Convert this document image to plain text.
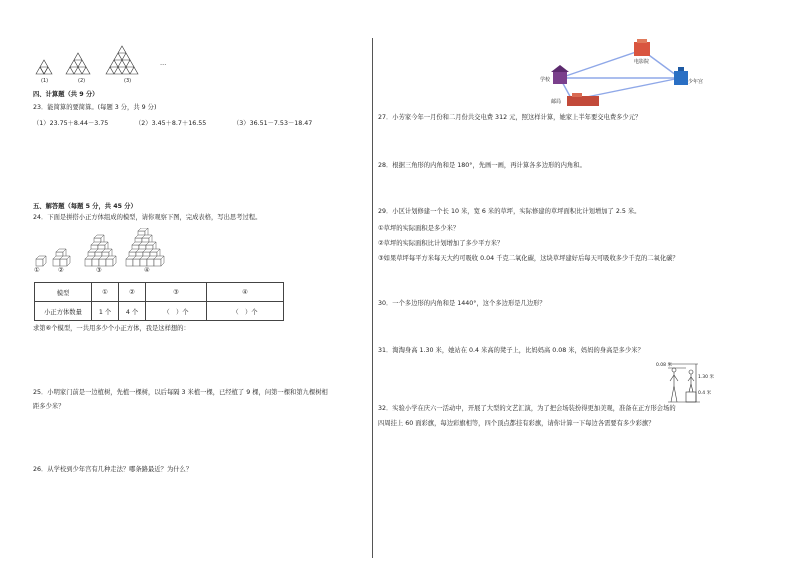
(1)	(2)	(3)
…
四、计算题（共 9 分）
23．能简算的要简算。(每题 3 分，共 9 分)
（1）23.75＋8.44－3.75	（2）3.45＋8.7＋16.55	（3）36.51－7.53－18.47
五、解答题（每题 5 分，共 45 分）
24．下面是拼搭小正方体组成的模型，请你观察下图，完成表格，写出思考过程。
①	②	③	④
模型	①	②	③	④
小正方体数量	1 个	4 个	（　）个	（　）个
求第⑥个模型，一共用多少个小正方体，我是这样想的：
25．小明家门前是一边植树，先植一棵树，以后每隔 3 米植一棵，已经植了 9 棵，问第一棵和第九棵树相
距多少米？
26．从学校到少年宫有几种走法？哪条路最近？为什么？
学校
邮局
电影院
少年宫
27．小芳家今年一月份和二月份共交电费 312 元，照这样计算，她家上半年要交电费多少元？
28．根据三角形的内角和是 180°，先画一画，再计算各多边形的内角和。
29．小区计划修建一个长 10 米，宽 6 米的草坪，实际修建的草坪面积比计划增加了 2.5 米。
①草坪的实际面积是多少米？
②草坪的实际面积比计划增加了多少平方米？
③如果草坪每平方米每天大约可吸收 0.04 千克二氧化碳，这块草坪建好后每天可吸收多少千克的二氧化碳？
30．一个多边形的内角和是 1440°，这个多边形是几边形？
31．淘淘身高 1.30 米，她站在 0.4 米高的凳子上，比妈妈高 0.08 米，妈妈的身高是多少米？
0.08 米
1.30 米
0.4 米
32．实验小学在庆六一活动中，开展了大型的文艺汇演，为了把会场装扮得更加美观，准备在正方形会场的
四周挂上 60 面彩旗，每边彩旗相等，四个顶点都挂有彩旗，请你计算一下每边各需要有多少彩旗？
